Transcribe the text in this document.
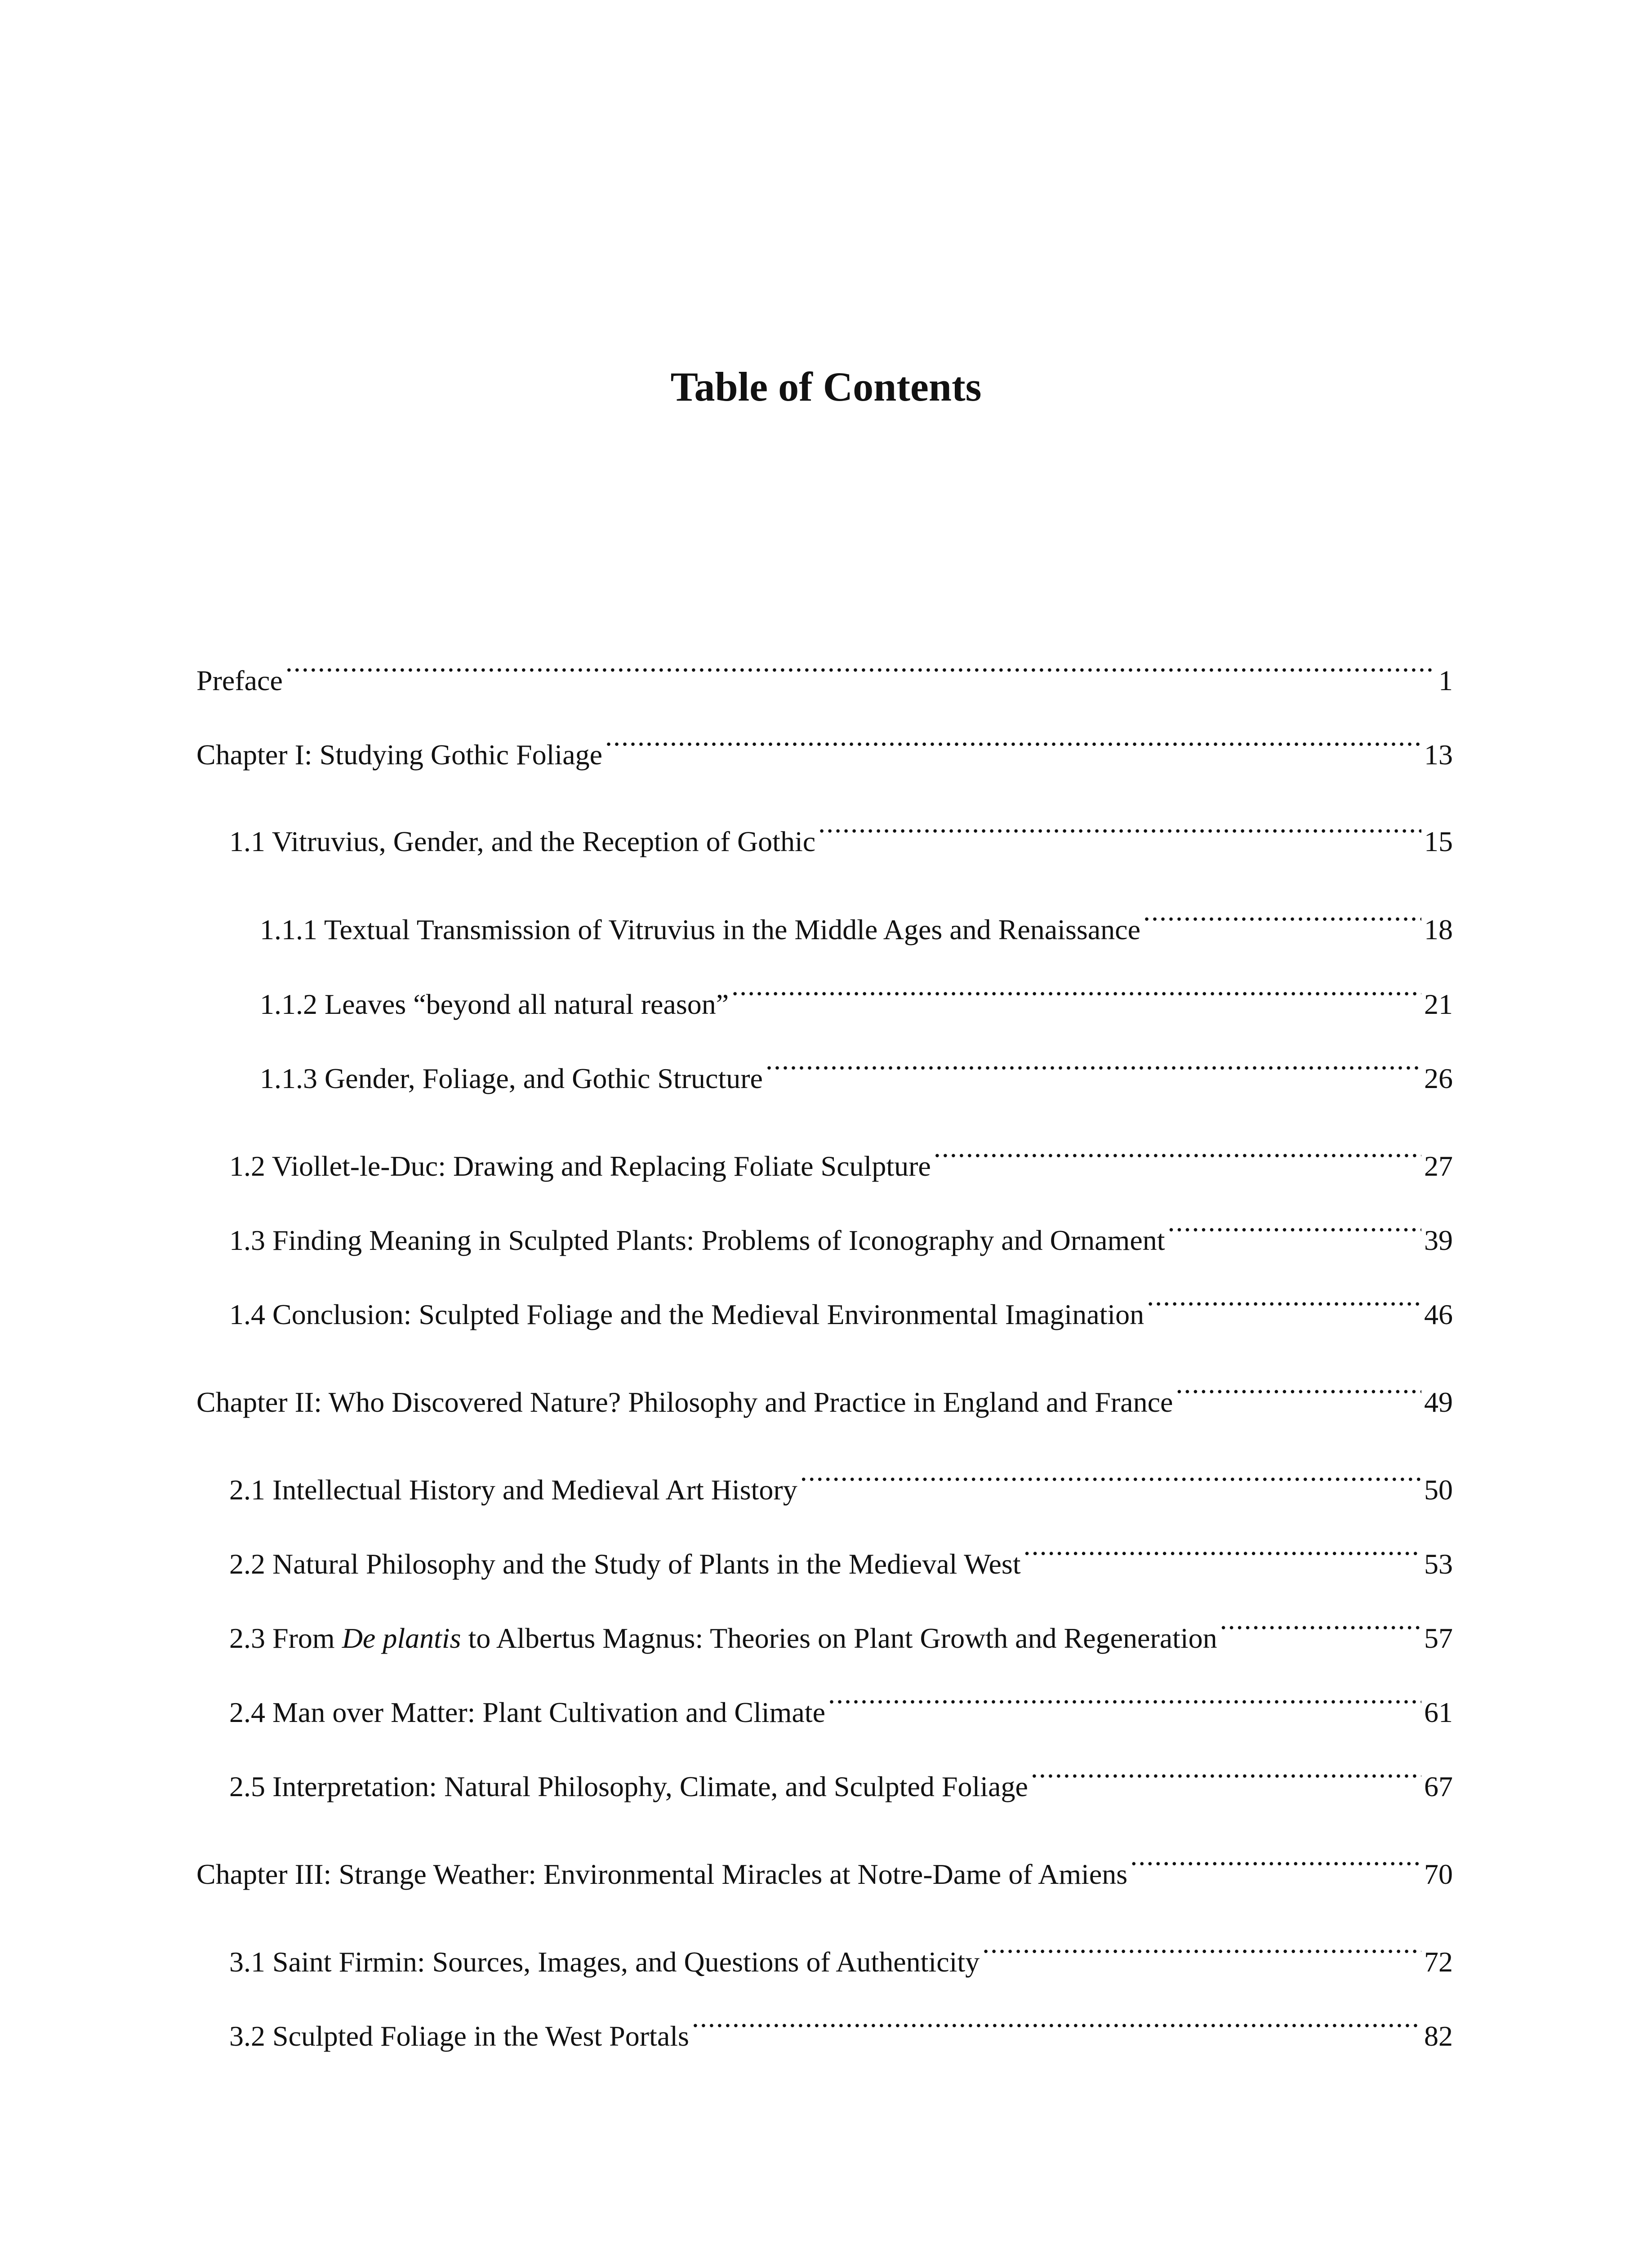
Table of Contents
Preface .....	1
Chapter I: Studying Gothic Foliage .....	13
1.1 Vitruvius, Gender, and the Reception of Gothic .....	15
1.1.1 Textual Transmission of Vitruvius in the Middle Ages and Renaissance .....	18
1.1.2 Leaves “beyond all natural reason” .....	21
1.1.3 Gender, Foliage, and Gothic Structure .....	26
1.2 Viollet-le-Duc: Drawing and Replacing Foliate Sculpture .....	27
1.3 Finding Meaning in Sculpted Plants: Problems of Iconography and Ornament .....	39
1.4 Conclusion: Sculpted Foliage and the Medieval Environmental Imagination .....	46
Chapter II: Who Discovered Nature? Philosophy and Practice in England and France .....	49
2.1 Intellectual History and Medieval Art History .....	50
2.2 Natural Philosophy and the Study of Plants in the Medieval West .....	53
2.3 From De plantis to Albertus Magnus: Theories on Plant Growth and Regeneration .....	57
2.4 Man over Matter: Plant Cultivation and Climate .....	61
2.5 Interpretation: Natural Philosophy, Climate, and Sculpted Foliage .....	67
Chapter III: Strange Weather: Environmental Miracles at Notre-Dame of Amiens .....	70
3.1 Saint Firmin: Sources, Images, and Questions of Authenticity .....	72
3.2 Sculpted Foliage in the West Portals .....	82
